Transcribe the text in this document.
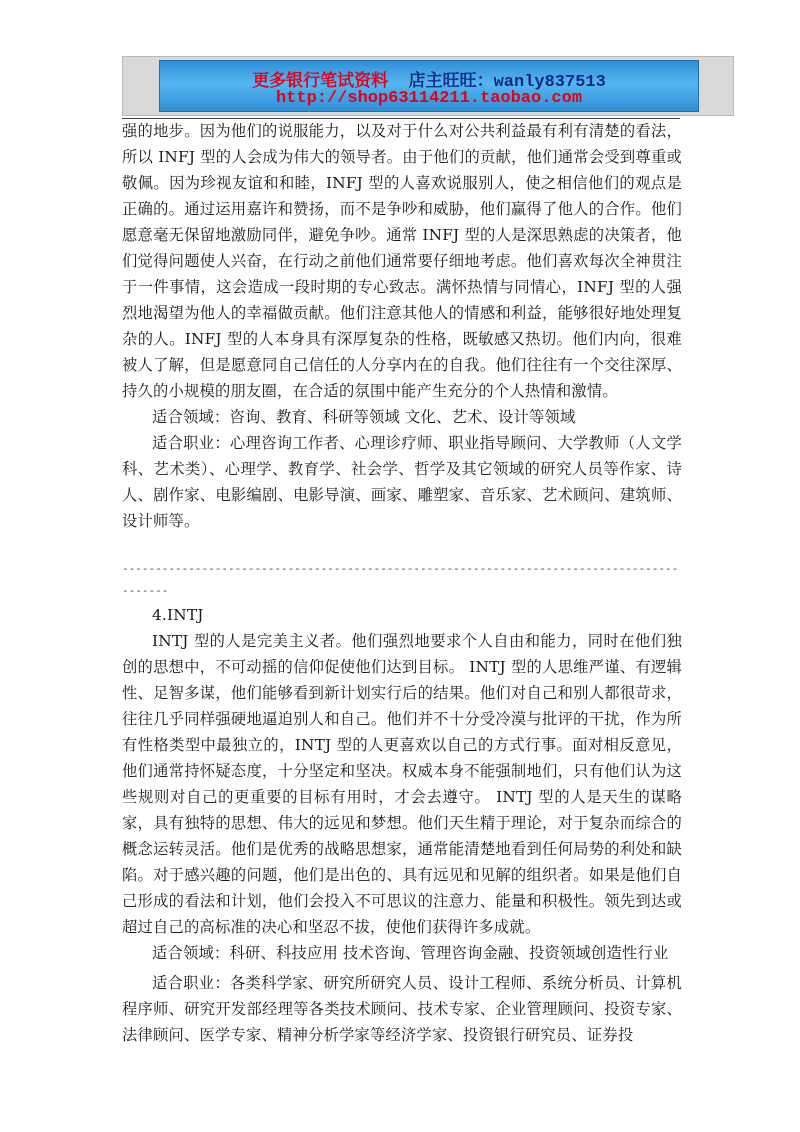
更多银行笔试资料 店主旺旺：wanly837513
http://shop63114211.taobao.com

强的地步。因为他们的说服能力，以及对于什么对公共利益最有利有清楚的看法，所以 INFJ 型的人会成为伟大的领导者。由于他们的贡献，他们通常会受到尊重或敬佩。因为珍视友谊和和睦，INFJ 型的人喜欢说服别人，使之相信他们的观点是正确的。通过运用嘉许和赞扬，而不是争吵和威胁，他们赢得了他人的合作。他们愿意毫无保留地激励同伴，避免争吵。通常 INFJ 型的人是深思熟虑的决策者，他们觉得问题使人兴奋，在行动之前他们通常要仔细地考虑。他们喜欢每次全神贯注于一件事情，这会造成一段时期的专心致志。满怀热情与同情心，INFJ 型的人强烈地渴望为他人的幸福做贡献。他们注意其他人的情感和利益，能够很好地处理复杂的人。INFJ 型的人本身具有深厚复杂的性格，既敏感又热切。他们内向，很难被人了解，但是愿意同自己信任的人分享内在的自我。他们往往有一个交往深厚、持久的小规模的朋友圈，在合适的氛围中能产生充分的个人热情和激情。

适合领域：咨询、教育、科研等领域 文化、艺术、设计等领域

适合职业：心理咨询工作者、心理诊疗师、职业指导顾问、大学教师（人文学科、艺术类）、心理学、教育学、社会学、哲学及其它领域的研究人员等作家、诗人、剧作家、电影编剧、电影导演、画家、雕塑家、音乐家、艺术顾问、建筑师、设计师等。

-------------------------------------------------------------------------------------------

4.INTJ

INTJ 型的人是完美主义者。他们强烈地要求个人自由和能力，同时在他们独创的思想中，不可动摇的信仰促使他们达到目标。 INTJ 型的人思维严谨、有逻辑性、足智多谋，他们能够看到新计划实行后的结果。他们对自己和别人都很苛求，往往几乎同样强硬地逼迫别人和自己。他们并不十分受冷漠与批评的干扰，作为所有性格类型中最独立的，INTJ 型的人更喜欢以自己的方式行事。面对相反意见，他们通常持怀疑态度，十分坚定和坚决。权威本身不能强制地们，只有他们认为这些规则对自己的更重要的目标有用时，才会去遵守。 INTJ 型的人是天生的谋略家，具有独特的思想、伟大的远见和梦想。他们天生精于理论，对于复杂而综合的概念运转灵活。他们是优秀的战略思想家，通常能清楚地看到任何局势的利处和缺陷。对于感兴趣的问题，他们是出色的、具有远见和见解的组织者。如果是他们自己形成的看法和计划，他们会投入不可思议的注意力、能量和积极性。领先到达或超过自己的高标准的决心和坚忍不拔，使他们获得许多成就。

适合领域：科研、科技应用 技术咨询、管理咨询金融、投资领域创造性行业

适合职业：各类科学家、研究所研究人员、设计工程师、系统分析员、计算机程序师、研究开发部经理等各类技术顾问、技术专家、企业管理顾问、投资专家、法律顾问、医学专家、精神分析学家等经济学家、投资银行研究员、证券投
